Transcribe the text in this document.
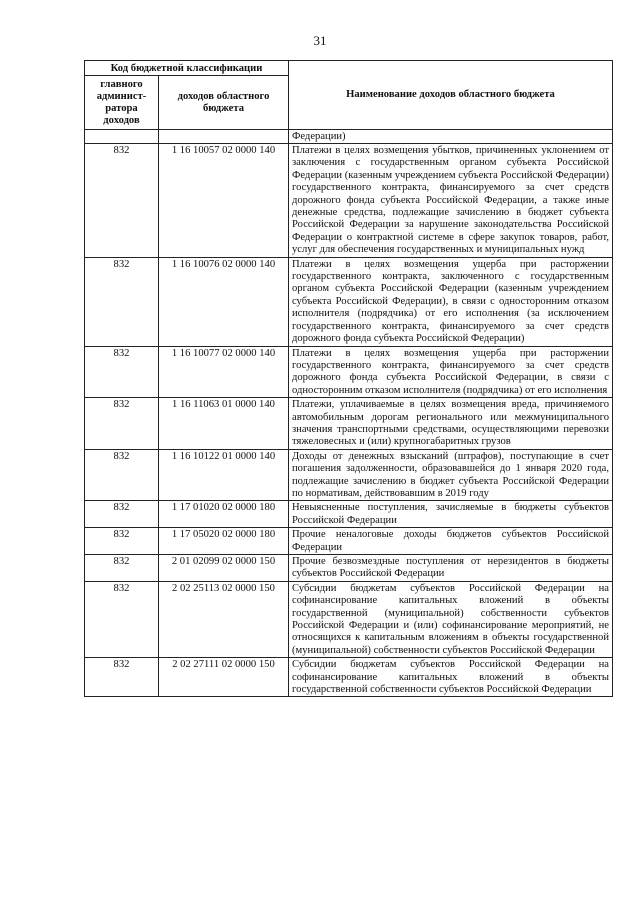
31
Код бюджетной классификации		Наименование доходов областного бюджета
главного админист-ратора доходов	доходов областного бюджета	
		Федерации)
832	1 16 10057 02 0000 140	Платежи в целях возмещения убытков, причиненных уклонением от заключения с государственным органом субъекта Российской Федерации (казенным учреждением субъекта Российской Федерации) государственного контракта, финансируемого за счет средств дорожного фонда субъекта Российской Федерации, а также иные денежные средства, подлежащие зачислению в бюджет субъекта Российской Федерации за нарушение законодательства Российской Федерации о контрактной системе в сфере закупок товаров, работ, услуг для обеспечения государственных и муниципальных нужд
832	1 16 10076 02 0000 140	Платежи в целях возмещения ущерба при расторжении государственного контракта, заключенного с государственным органом субъекта Российской Федерации (казенным учреждением субъекта Российской Федерации), в связи с односторонним отказом исполнителя (подрядчика) от его исполнения (за исключением государственного контракта, финансируемого за счет средств дорожного фонда субъекта Российской Федерации)
832	1 16 10077 02 0000 140	Платежи в целях возмещения ущерба при расторжении государственного контракта, финансируемого за счет средств дорожного фонда субъекта Российской Федерации, в связи с односторонним отказом исполнителя (подрядчика) от его исполнения
832	1 16 11063 01 0000 140	Платежи, уплачиваемые в целях возмещения вреда, причиняемого автомобильным дорогам регионального или межмуниципального значения транспортными средствами, осуществляющими перевозки тяжеловесных и (или) крупногабаритных грузов
832	1 16 10122 01 0000 140	Доходы от денежных взысканий (штрафов), поступающие в счет погашения задолженности, образовавшейся до 1 января 2020 года, подлежащие зачислению в бюджет субъекта Российской Федерации по нормативам, действовавшим в 2019 году
832	1 17 01020 02 0000 180	Невыясненные поступления, зачисляемые в бюджеты субъектов Российской Федерации
832	1 17 05020 02 0000 180	Прочие неналоговые доходы бюджетов субъектов Российской Федерации
832	2 01 02099 02 0000 150	Прочие безвозмездные поступления от нерезидентов в бюджеты субъектов Российской Федерации
832	2 02 25113 02 0000 150	Субсидии бюджетам субъектов Российской Федерации на софинансирование капитальных вложений в объекты государственной (муниципальной) собственности субъектов Российской Федерации и (или) софинансирование мероприятий, не относящихся к капитальным вложениям в объекты государственной (муниципальной) собственности субъектов Российской Федерации
832	2 02 27111 02 0000 150	Субсидии бюджетам субъектов Российской Федерации на софинансирование капитальных вложений в объекты государственной собственности субъектов Российской Федерации
